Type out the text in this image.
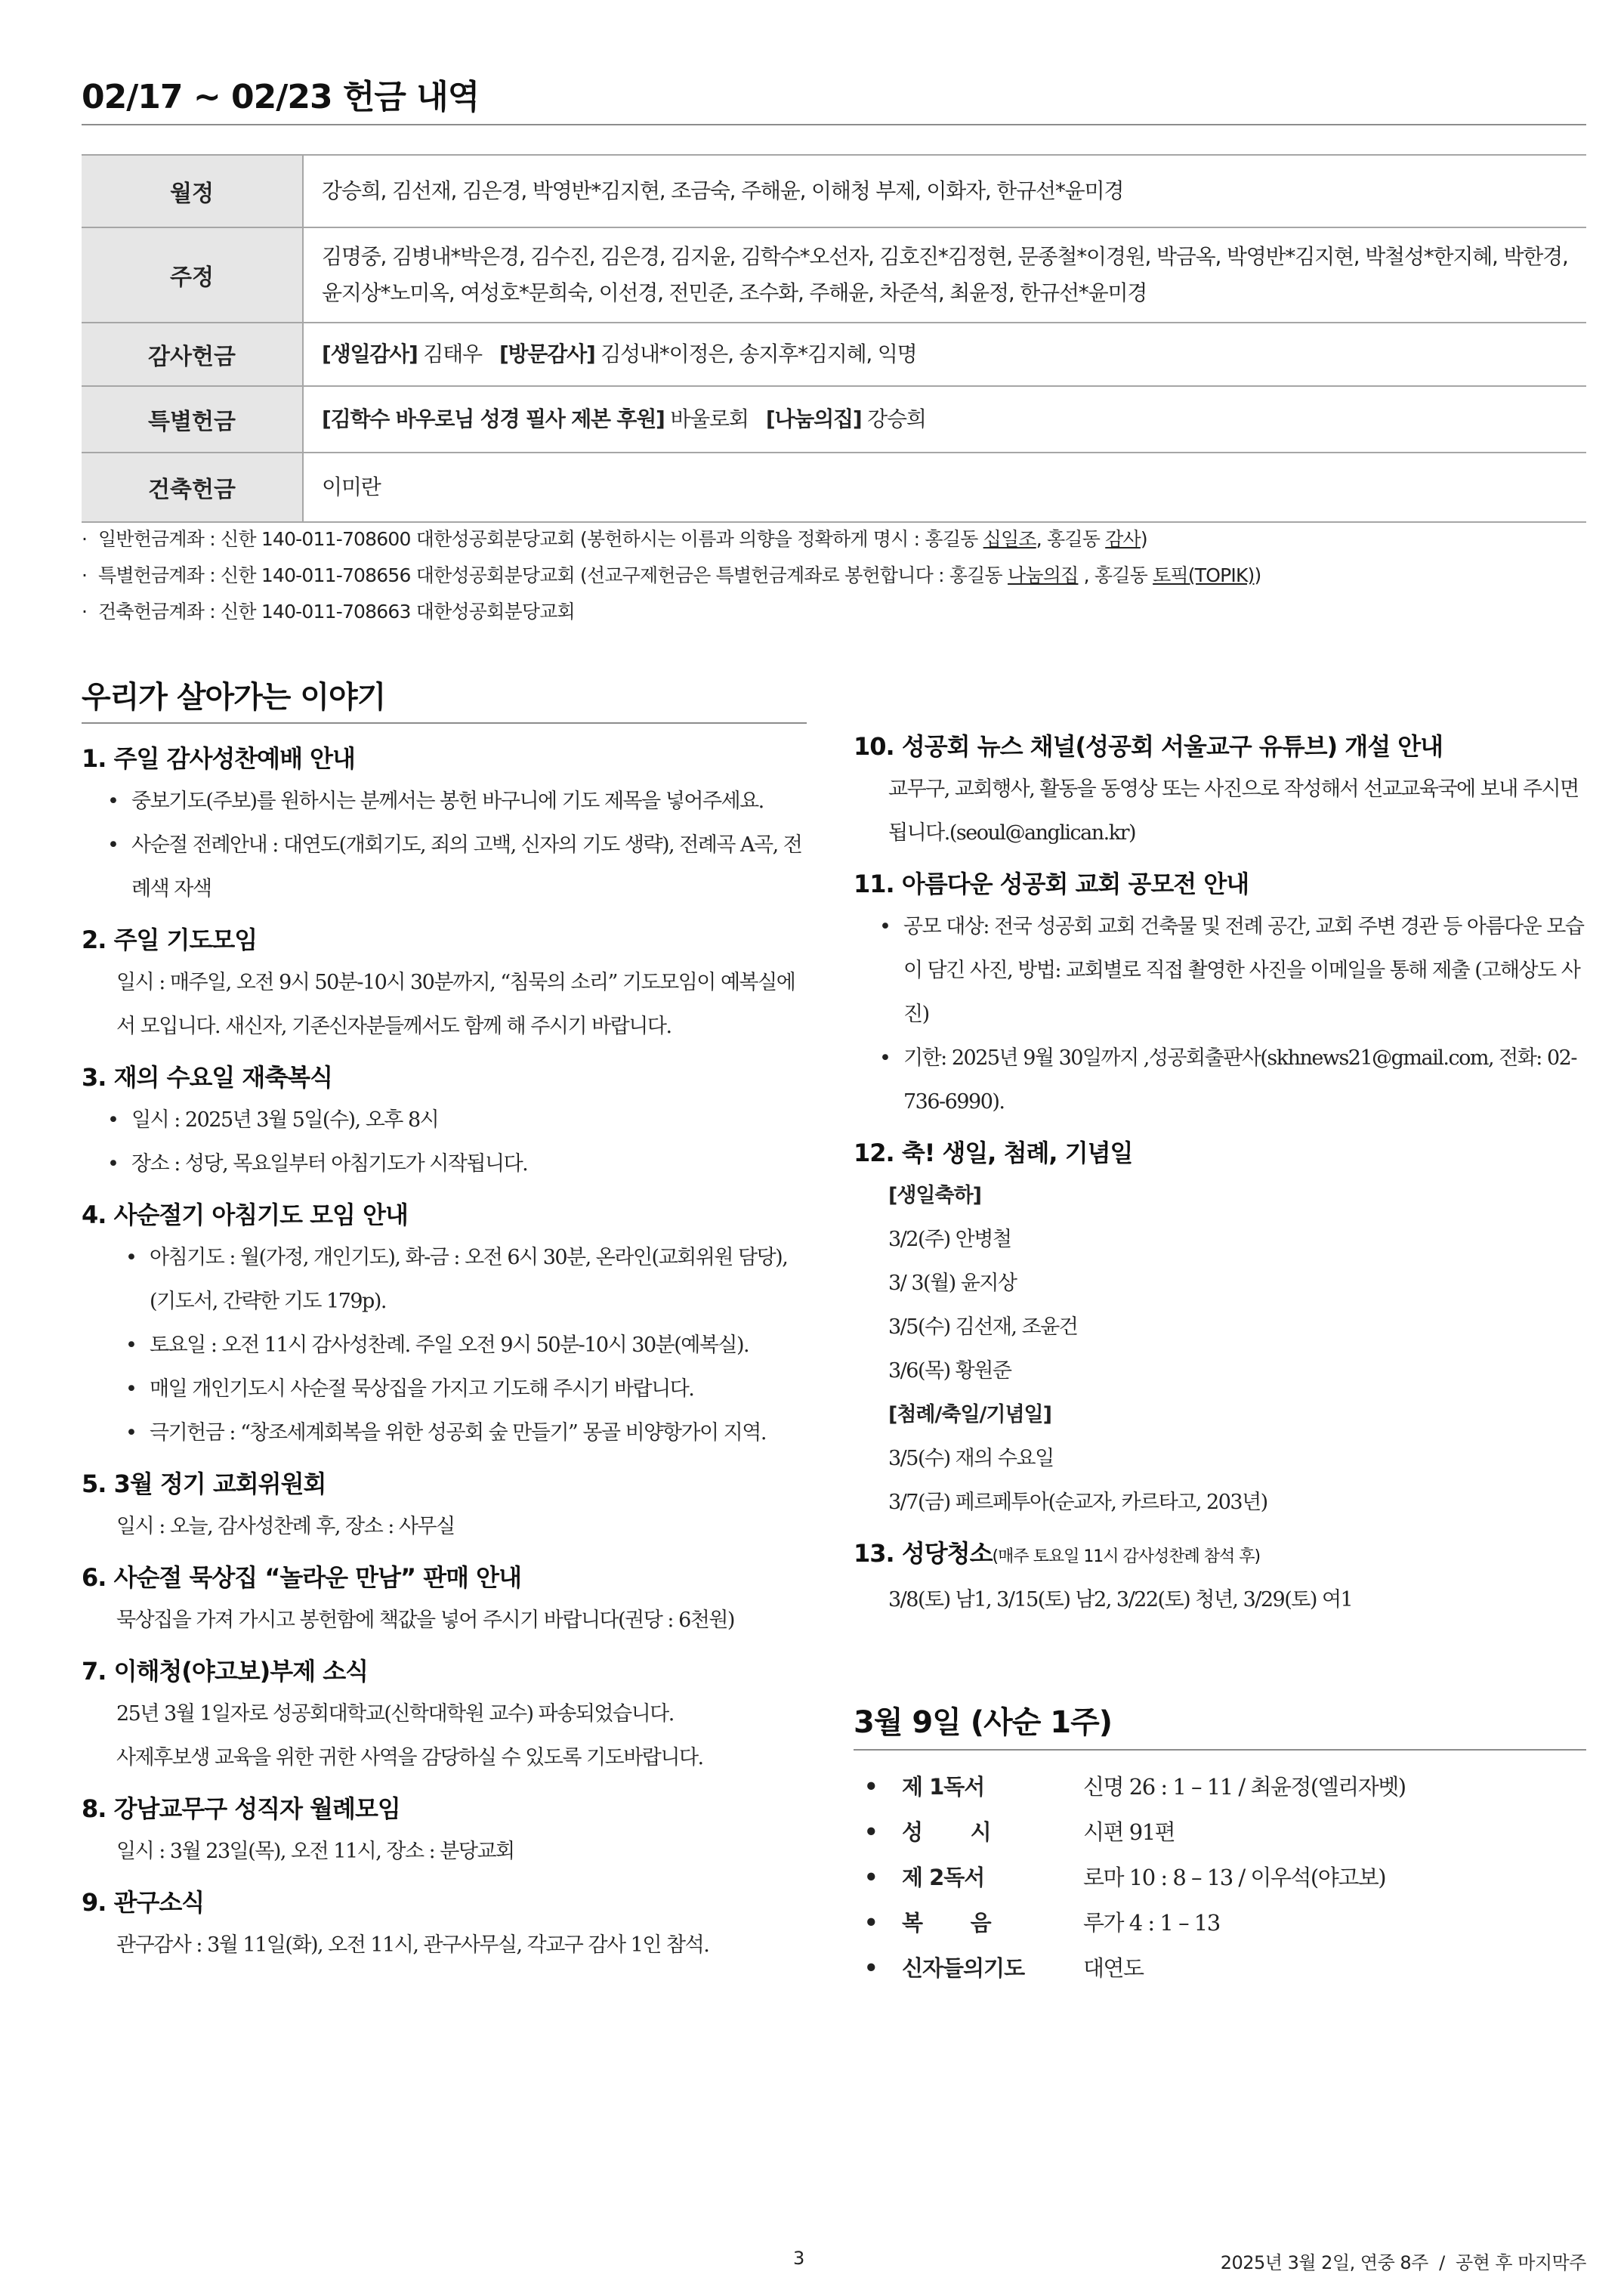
02/17 ~ 02/23 헌금 내역
월정	강승희, 김선재, 김은경, 박영반*김지현, 조금숙, 주해윤, 이해청 부제, 이화자, 한규선*윤미경
주정	김명중, 김병내*박은경, 김수진, 김은경, 김지윤, 김학수*오선자, 김호진*김정현, 문종철*이경원, 박금옥, 박영반*김지현, 박철성*한지혜, 박한경, 윤지상*노미옥, 여성호*문희숙, 이선경, 전민준, 조수화, 주해윤, 차준석, 최윤정, 한규선*윤미경
감사헌금	[생일감사] 김태우   [방문감사] 김성내*이정은, 송지후*김지혜, 익명
특별헌금	[김학수 바우로님 성경 필사 제본 후원] 바울로회   [나눔의집] 강승희
건축헌금	이미란
· 일반헌금계좌 : 신한 140-011-708600 대한성공회분당교회 (봉헌하시는 이름과 의향을 정확하게 명시 : 홍길동 십일조, 홍길동 감사)
· 특별헌금계좌 : 신한 140-011-708656 대한성공회분당교회 (선교구제헌금은 특별헌금계좌로 봉헌합니다 : 홍길동 나눔의집 , 홍길동 토픽(TOPIK))
· 건축헌금계좌 : 신한 140-011-708663 대한성공회분당교회
우리가 살아가는 이야기
1. 주일 감사성찬예배 안내
• 중보기도(주보)를 원하시는 분께서는 봉헌 바구니에 기도 제목을 넣어주세요.
• 사순절 전례안내 : 대연도(개회기도, 죄의 고백, 신자의 기도 생략), 전례곡 A곡, 전례색 자색
2. 주일 기도모임
일시 : 매주일, 오전 9시 50분-10시 30분까지, “침묵의 소리” 기도모임이 예복실에서 모입니다. 새신자, 기존신자분들께서도 함께 해 주시기 바랍니다.
3. 재의 수요일 재축복식
• 일시 : 2025년 3월 5일(수), 오후 8시
• 장소 : 성당, 목요일부터 아침기도가 시작됩니다.
4. 사순절기 아침기도 모임 안내
• 아침기도 : 월(가정, 개인기도), 화-금 : 오전 6시 30분, 온라인(교회위원 담당), (기도서, 간략한 기도 179p).
• 토요일 : 오전 11시 감사성찬례. 주일 오전 9시 50분-10시 30분(예복실).
• 매일 개인기도시 사순절 묵상집을 가지고 기도해 주시기 바랍니다.
• 극기헌금 : “창조세계회복을 위한 성공회 숲 만들기” 몽골 비양항가이 지역.
5. 3월 정기 교회위원회
일시 : 오늘, 감사성찬례 후, 장소 : 사무실
6. 사순절 묵상집 “놀라운 만남” 판매 안내
묵상집을 가져 가시고 봉헌함에 책값을 넣어 주시기 바랍니다(권당 : 6천원)
7. 이해청(야고보)부제 소식
25년 3월 1일자로 성공회대학교(신학대학원 교수) 파송되었습니다.
사제후보생 교육을 위한 귀한 사역을 감당하실 수 있도록 기도바랍니다.
8. 강남교무구 성직자 월례모임
일시 : 3월 23일(목), 오전 11시, 장소 : 분당교회
9. 관구소식
관구감사 : 3월 11일(화), 오전 11시, 관구사무실, 각교구 감사 1인 참석.
10. 성공회 뉴스 채널(성공회 서울교구 유튜브) 개설 안내
교무구, 교회행사, 활동을 동영상 또는 사진으로 작성해서 선교교육국에 보내 주시면 됩니다.(seoul@anglican.kr)
11. 아름다운 성공회 교회 공모전 안내
• 공모 대상: 전국 성공회 교회 건축물 및 전례 공간, 교회 주변 경관 등 아름다운 모습이 담긴 사진, 방법: 교회별로 직접 촬영한 사진을 이메일을 통해 제출 (고해상도 사진)
• 기한: 2025년 9월 30일까지 ,성공회출판사(skhnews21@gmail.com, 전화: 02-736-6990).
12. 축! 생일, 첨례, 기념일
[생일축하]
3/2(주) 안병철
3/ 3(월) 윤지상
3/5(수) 김선재, 조윤건
3/6(목) 황원준
[첨례/축일/기념일]
3/5(수) 재의 수요일
3/7(금) 페르페투아(순교자, 카르타고, 203년)
13. 성당청소(매주 토요일 11시 감사성찬례 참석 후)
3/8(토) 남1, 3/15(토) 남2, 3/22(토) 청년, 3/29(토) 여1
3월 9일 (사순 1주)
•	제 1독서	신명 26 : 1 – 11 / 최윤정(엘리자벳)
•	성       시	시편 91편
•	제 2독서	로마 10 : 8 – 13 / 이우석(야고보)
•	복       음	루가 4 : 1 – 13
•	신자들의기도	대연도
3	2025년 3월 2일, 연중 8주  /  공현 후 마지막주
